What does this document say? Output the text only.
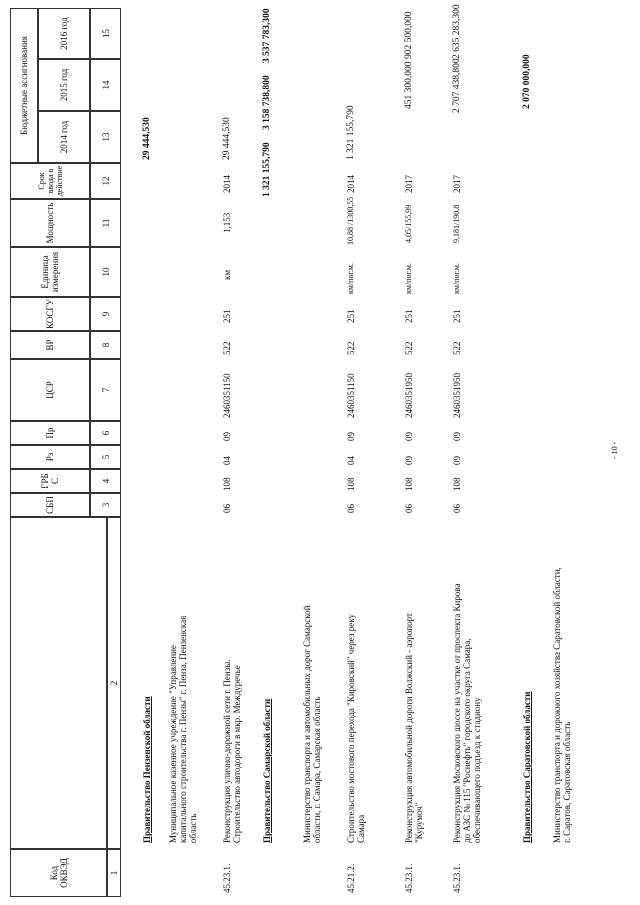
Код ОКВЭД
СБП
ГРБ С
Рз
Пр
ЦСР
ВР
КОСГУ
Единица измерения
Мощность
Срок ввода в действие
Бюджетные ассигнования
2014 год
2015 год
2016 год
1
2
3
4
5
6
7
8
9
10
11
12
13
14
15
Правительство Пензенской области
29 444,530
Муниципальное казенное учреждение "Управление капитального строительства г. Пензы" г. Пенза, Пензенская область
45.23.1.
Реконструкция улично-дорожной сети г. Пензы. Строительство автодороги в мкр. Междуречье
06
108
04
09
2460351150
522
251
км
1,153
2014
29 444,530
Правительство Самарской области
1 321 155,790
3 158 738,800
3 537 783,300
Министерство транспорта и автомобильных дорог Самарской области, г. Самара, Самарская область
45.21.2.
Строительство мостового перехода "Кировский" через реку Самара
06
108
04
09
2460351150
522
251
км/пог.м.
10,88 /1300,55
2014
1 321 155,790
45.23.1.
Реконструкция автомобильной дороги Волжский - аэропорт "Курумоч"
06
108
09
09
2460351950
522
251
км/пог.м.
4,05/155,99
2017
451 300,000
902 500,000
45.23.1.
Реконструкция Московского шоссе на участке от проспекта Кирова до АЗС № 115 "Роснефть" городского округа Самара, обеспечивающего подъезд к стадиону
06
108
09
09
2460351950
522
251
км/пог.м.
9,181/190,8
2017
2 707 438,800
2 635 283,300
Правительство Саратовской области
2 070 000,000
Министерство транспорта и дорожного хозяйства Саратовской области, г. Саратов, Саратовская область
- 10 -
